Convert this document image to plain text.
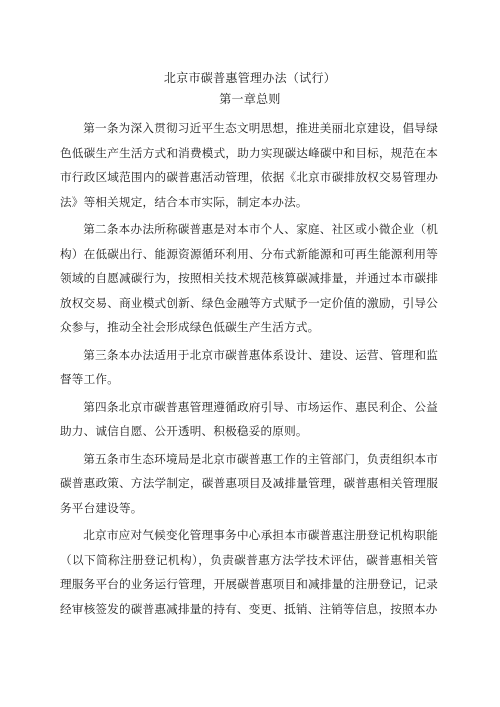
北京市碳普惠管理办法（试行）
第一章总则

第一条为深入贯彻习近平生态文明思想，推进美丽北京建设，倡导绿色低碳生产生活方式和消费模式，助力实现碳达峰碳中和目标，规范在本市行政区域范围内的碳普惠活动管理，依据《北京市碳排放权交易管理办法》等相关规定，结合本市实际，制定本办法。

第二条本办法所称碳普惠是对本市个人、家庭、社区或小微企业（机构）在低碳出行、能源资源循环利用、分布式新能源和可再生能源利用等领域的自愿减碳行为，按照相关技术规范核算碳减排量，并通过本市碳排放权交易、商业模式创新、绿色金融等方式赋予一定价值的激励，引导公众参与，推动全社会形成绿色低碳生产生活方式。

第三条本办法适用于北京市碳普惠体系设计、建设、运营、管理和监督等工作。

第四条北京市碳普惠管理遵循政府引导、市场运作、惠民利企、公益助力、诚信自愿、公开透明、积极稳妥的原则。

第五条市生态环境局是北京市碳普惠工作的主管部门，负责组织本市碳普惠政策、方法学制定，碳普惠项目及减排量管理，碳普惠相关管理服务平台建设等。

北京市应对气候变化管理事务中心承担本市碳普惠注册登记机构职能（以下简称注册登记机构），负责碳普惠方法学技术评估，碳普惠相关管理服务平台的业务运行管理，开展碳普惠项目和减排量的注册登记，记录经审核签发的碳普惠减排量的持有、变更、抵销、注销等信息，按照本办
